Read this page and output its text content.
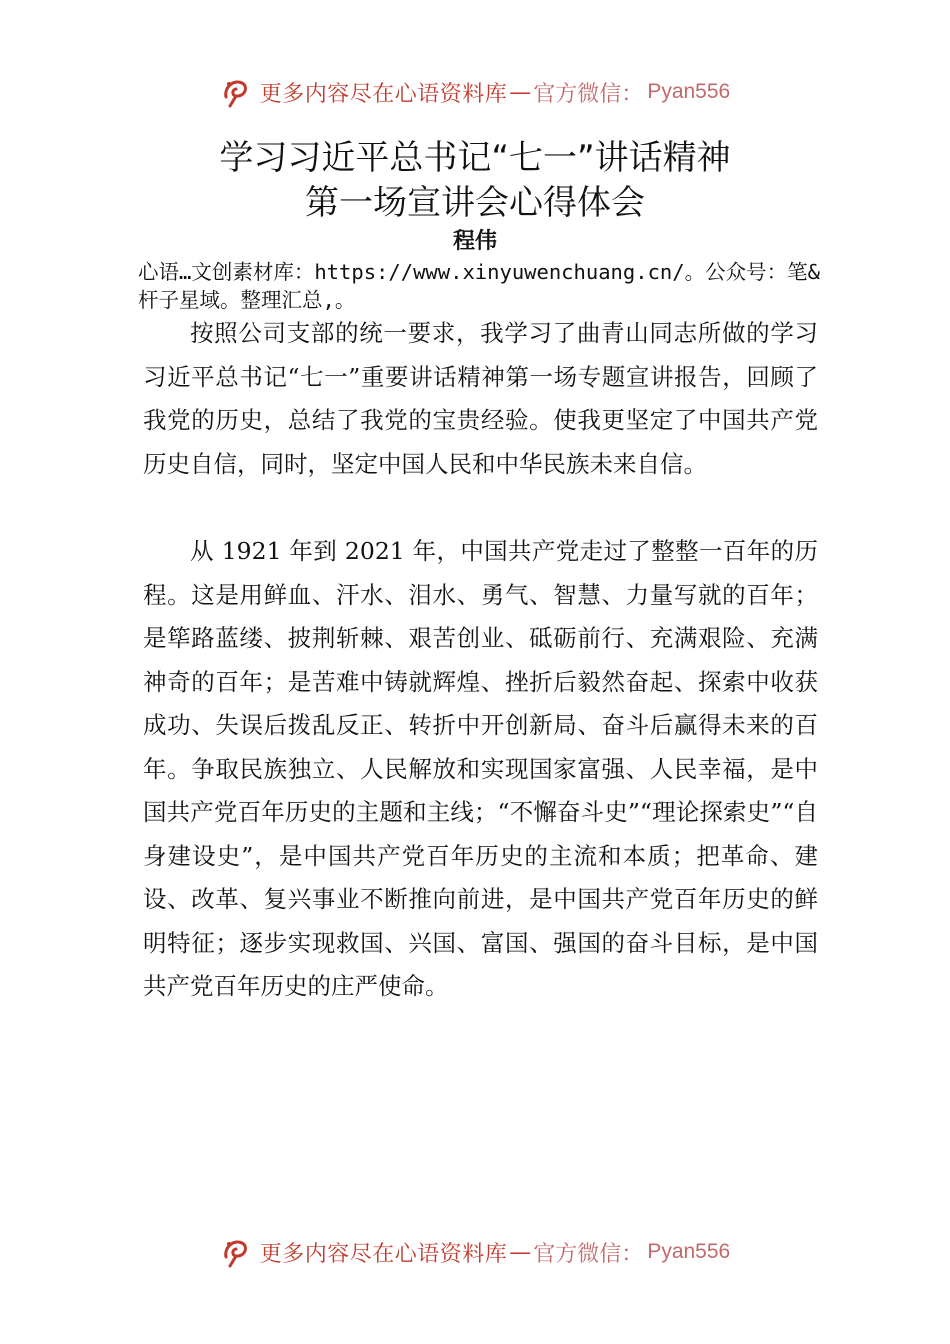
更多内容尽在心语资料库 — 官方微信： Pyan556
学习习近平总书记“七一”讲话精神
第一场宣讲会心得体会
程伟
心语…文创素材库：https://www.xinyuwenchuang.cn/。公众号：笔&杆子星域。整理汇总,。

按照公司支部的统一要求，我学习了曲青山同志所做的学习习近平总书记“七一”重要讲话精神第一场专题宣讲报告，回顾了我党的历史，总结了我党的宝贵经验。使我更坚定了中国共产党历史自信，同时，坚定中国人民和中华民族未来自信。

从 1921 年到 2021 年，中国共产党走过了整整一百年的历程。这是用鲜血、汗水、泪水、勇气、智慧、力量写就的百年；是筚路蓝缕、披荆斩棘、艰苦创业、砥砺前行、充满艰险、充满神奇的百年；是苦难中铸就辉煌、挫折后毅然奋起、探索中收获成功、失误后拨乱反正、转折中开创新局、奋斗后赢得未来的百年。争取民族独立、人民解放和实现国家富强、人民幸福，是中国共产党百年历史的主题和主线；“不懈奋斗史”“理论探索史”“自身建设史”，是中国共产党百年历史的主流和本质；把革命、建设、改革、复兴事业不断推向前进，是中国共产党百年历史的鲜明特征；逐步实现救国、兴国、富国、强国的奋斗目标，是中国共产党百年历史的庄严使命。

更多内容尽在心语资料库 — 官方微信： Pyan556
